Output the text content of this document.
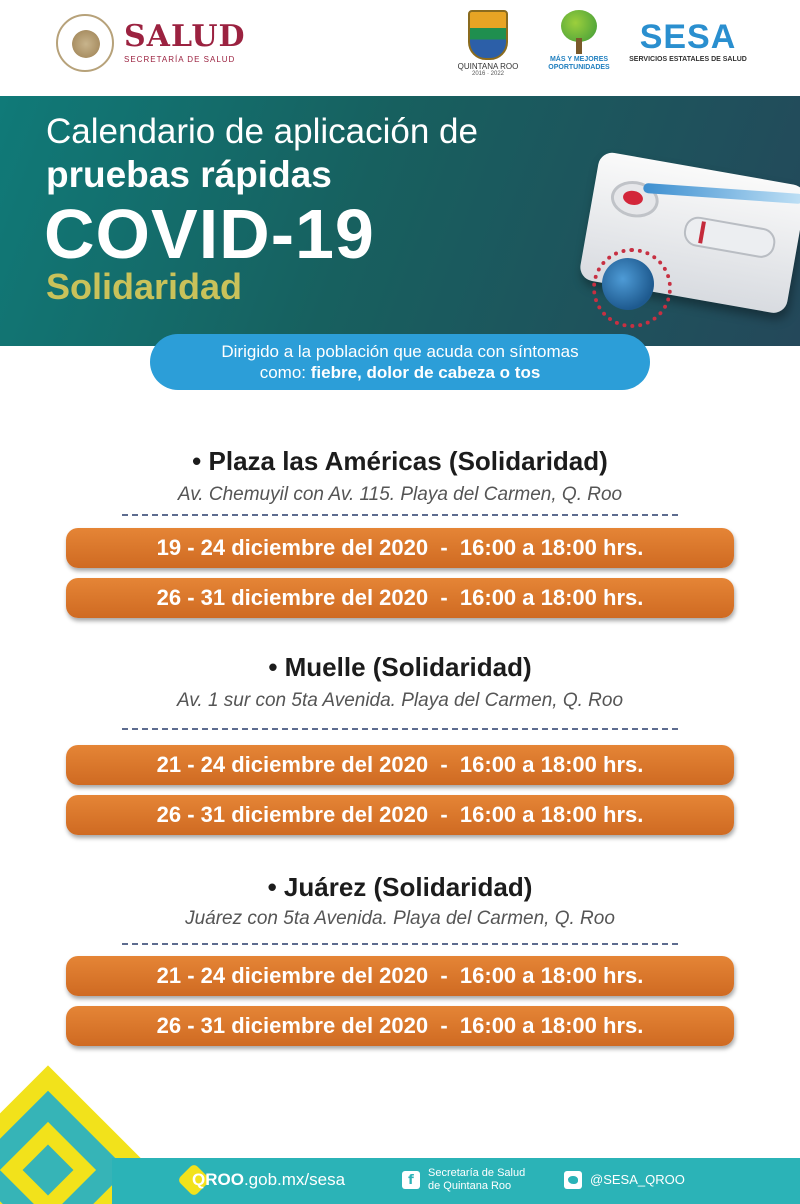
SALUD
SECRETARÍA DE SALUD
QUINTANA ROO
2016 · 2022
MÁS Y MEJORES
OPORTUNIDADES
SESA
SERVICIOS ESTATALES DE SALUD
Calendario de aplicación de
pruebas rápidas
COVID-19
Solidaridad
Dirigido a la población que acuda con síntomas
como: fiebre, dolor de cabeza o tos
• Plaza las Américas (Solidaridad)
Av. Chemuyil con Av. 115. Playa del Carmen, Q. Roo
19 - 24 diciembre del 2020  -  16:00 a 18:00 hrs.
26 - 31 diciembre del 2020  -  16:00 a 18:00 hrs.
• Muelle (Solidaridad)
Av. 1 sur con 5ta Avenida. Playa del Carmen, Q. Roo
21 - 24 diciembre del 2020  -  16:00 a 18:00 hrs.
26 - 31 diciembre del 2020  -  16:00 a 18:00 hrs.
• Juárez (Solidaridad)
Juárez con 5ta Avenida. Playa del Carmen, Q. Roo
21 - 24 diciembre del 2020  -  16:00 a 18:00 hrs.
26 - 31 diciembre del 2020  -  16:00 a 18:00 hrs.
QROO.gob.mx/sesa	f	Secretaría de Salud
de Quintana Roo	@SESA_QROO
